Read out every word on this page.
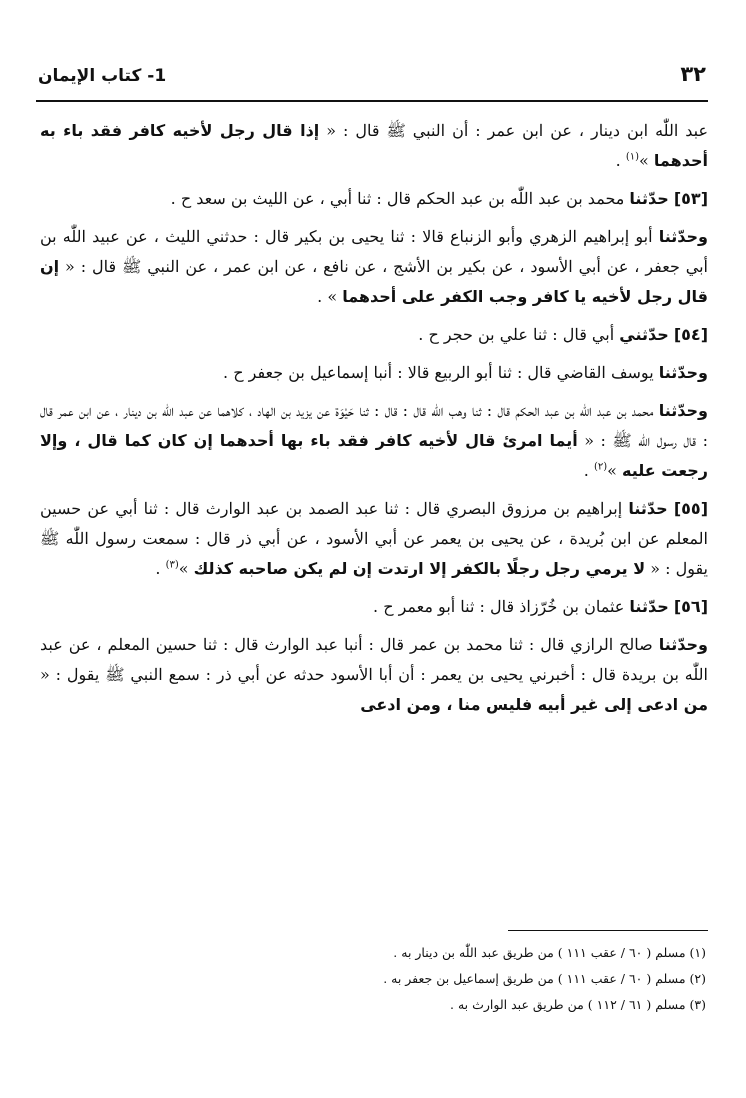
٣٢
1- كتاب الإيمان

عبد اللّٰه ابن دينار ، عن ابن عمر : أن النبي ﷺ قال : « إذا قال رجل لأخيه كافر فقد باء به أحدهما »$^{(١)}$ .

[٥٣] حدّثنا محمد بن عبد اللّٰه بن عبد الحكم قال : ثنا أبي ، عن الليث بن سعد ح .

وحدّثنا أبو إبراهيم الزهري وأبو الزنباع قالا : ثنا يحيى بن بكير قال : حدثني الليث ، عن عبيد اللّٰه بن أبي جعفر ، عن أبي الأسود ، عن بكير بن الأشج ، عن نافع ، عن ابن عمر ، عن النبي ﷺ قال : « إن قال رجل لأخيه يا كافر وجب الكفر على أحدهما » .

[٥٤] حدّثني أبي قال : ثنا علي بن حجر ح .

وحدّثنا يوسف القاضي قال : ثنا أبو الربيع قالا : أنبا إسماعيل بن جعفر ح .

وحدّثنا محمد بن عبد اللّٰه بن عبد الحكم قال : ثنا وهب اللّٰه قال : قال : ثنا حَيْوَة عن يزيد بن الهاد ، كلاهما عن عبد اللّٰه بن دينار ، عن ابن عمر قال : قال رسول اللّٰه ﷺ : « أيما امرئ قال لأخيه كافر فقد باء بها أحدهما إن كان كما قال ، وإلا رجعت عليه »$^{(٢)}$ .

[٥٥] حدّثنا إبراهيم بن مرزوق البصري قال : ثنا عبد الصمد بن عبد الوارث قال : ثنا أبي عن حسين المعلم عن ابن بُريدة ، عن يحيى بن يعمر عن أبي الأسود ، عن أبي ذر قال : سمعت رسول اللّٰه ﷺ يقول : « لا يرمي رجل رجلًا بالكفر إلا ارتدت إن لم يكن صاحبه كذلك »$^{(٣)}$ .

[٥٦] حدّثنا عثمان بن خُرّزاذ قال : ثنا أبو معمر ح .

وحدّثنا صالح الرازي قال : ثنا محمد بن عمر قال : أنبا عبد الوارث قال : ثنا حسين المعلم ، عن عبد اللّٰه بن بريدة قال : أخبرني يحيى بن يعمر : أن أبا الأسود حدثه عن أبي ذر : سمع النبي ﷺ يقول : « من ادعى إلى غير أبيه فليس منا ، ومن ادعى

(١) مسلم ( ٦٠ / عقب ١١١ ) من طريق عبد اللّٰه بن دينار به .

(٢) مسلم ( ٦٠ / عقب ١١١ ) من طريق إسماعيل بن جعفر به .

(٣) مسلم ( ٦١ / ١١٢ ) من طريق عبد الوارث به .
